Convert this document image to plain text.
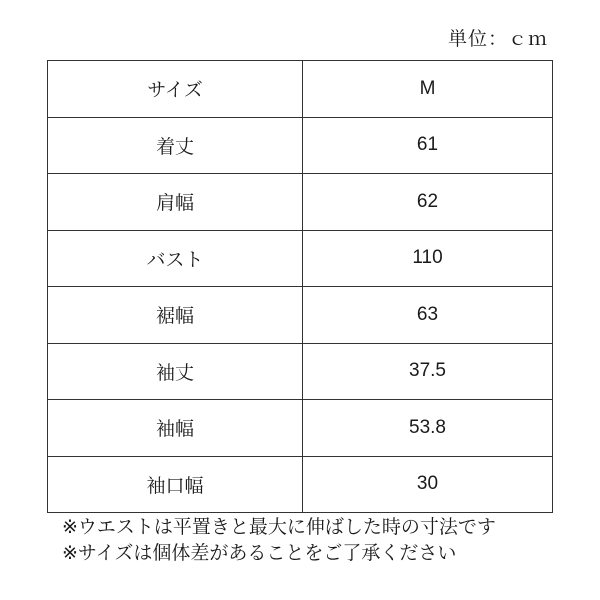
単位：ｃｍ
サイズ	M
着丈	61
肩幅	62
バスト	110
裾幅	63
袖丈	37.5
袖幅	53.8
袖口幅	30
※ウエストは平置きと最大に伸ばした時の寸法です
※サイズは個体差があることをご了承ください
